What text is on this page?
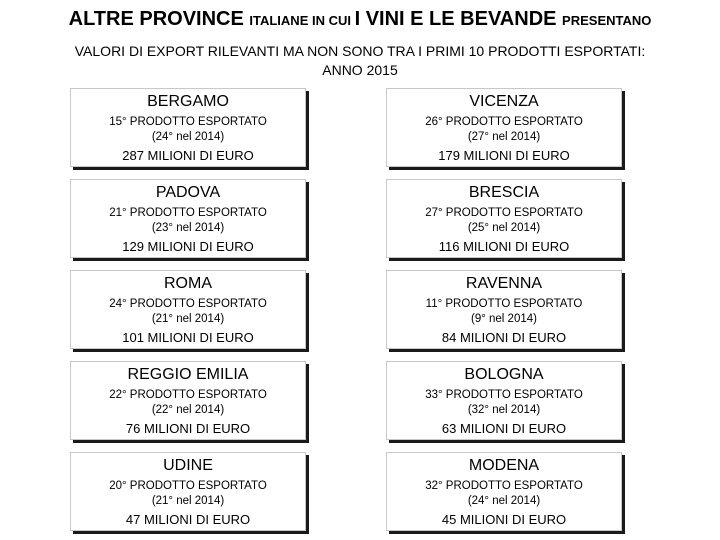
ALTRE PROVINCE ITALIANE IN CUI I VINI E LE BEVANDE PRESENTANO
VALORI DI EXPORT RILEVANTI MA NON SONO TRA I PRIMI 10 PRODOTTI ESPORTATI:
ANNO 2015
BERGAMO
15° PRODOTTO ESPORTATO
(24° nel 2014)
287 MILIONI DI EURO
VICENZA
26° PRODOTTO ESPORTATO
(27° nel 2014)
179 MILIONI DI EURO
PADOVA
21° PRODOTTO ESPORTATO
(23° nel 2014)
129 MILIONI DI EURO
BRESCIA
27° PRODOTTO ESPORTATO
(25° nel 2014)
116 MILIONI DI EURO
ROMA
24° PRODOTTO ESPORTATO
(21° nel 2014)
101 MILIONI DI EURO
RAVENNA
11° PRODOTTO ESPORTATO
(9° nel 2014)
84 MILIONI DI EURO
REGGIO EMILIA
22° PRODOTTO ESPORTATO
(22° nel 2014)
76 MILIONI DI EURO
BOLOGNA
33° PRODOTTO ESPORTATO
(32° nel 2014)
63 MILIONI DI EURO
UDINE
20° PRODOTTO ESPORTATO
(21° nel 2014)
47 MILIONI DI EURO
MODENA
32° PRODOTTO ESPORTATO
(24° nel 2014)
45 MILIONI DI EURO
